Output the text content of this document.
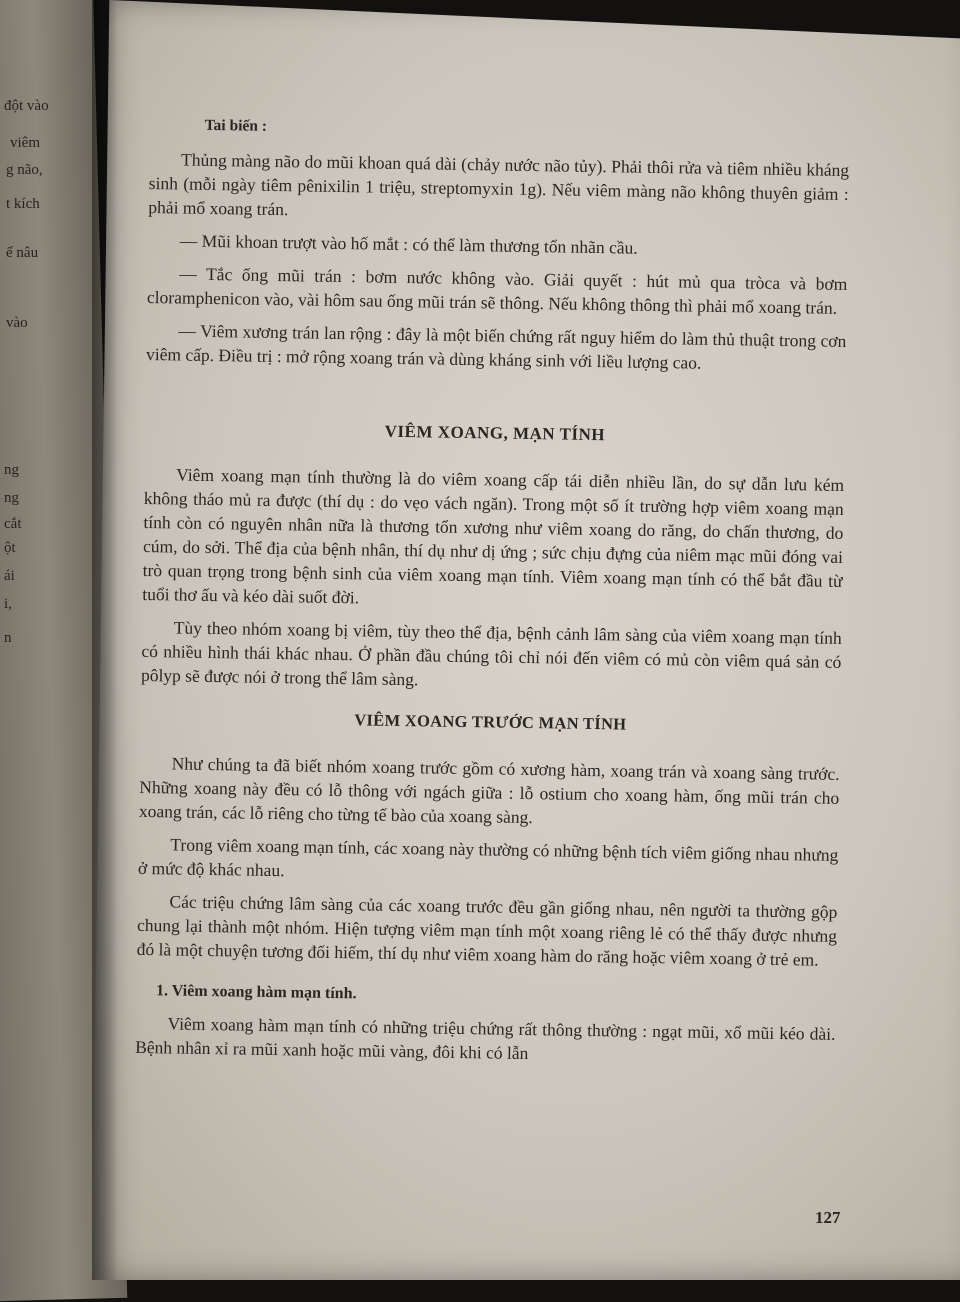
đột vào
viêm
g não,
t kích
ế nâu
vào
ng
ng
cắt
ột
ái
i,
n
Tai biến :

Thủng màng não do mũi khoan quá dài (chảy nước não tủy). Phải thôi rửa và tiêm nhiều kháng sinh (mỗi ngày tiêm pênixilin 1 triệu, streptomyxin 1g). Nếu viêm màng não không thuyên giảm : phải mổ xoang trán.

— Mũi khoan trượt vào hố mắt : có thể làm thương tổn nhãn cầu.

— Tắc ống mũi trán : bơm nước không vào. Giải quyết : hút mủ qua tròca và bơm cloramphenicon vào, vài hôm sau ống mũi trán sẽ thông. Nếu không thông thì phải mổ xoang trán.

— Viêm xương trán lan rộng : đây là một biến chứng rất nguy hiểm do làm thủ thuật trong cơn viêm cấp. Điều trị : mở rộng xoang trán và dùng kháng sinh với liều lượng cao.

VIÊM XOANG, MẠN TÍNH

Viêm xoang mạn tính thường là do viêm xoang cấp tái diễn nhiều lần, do sự dẫn lưu kém không tháo mủ ra được (thí dụ : do vẹo vách ngăn). Trong một số ít trường hợp viêm xoang mạn tính còn có nguyên nhân nữa là thương tổn xương như viêm xoang do răng, do chấn thương, do cúm, do sởi. Thể địa của bệnh nhân, thí dụ như dị ứng ; sức chịu đựng của niêm mạc mũi đóng vai trò quan trọng trong bệnh sinh của viêm xoang mạn tính. Viêm xoang mạn tính có thể bắt đầu từ tuổi thơ ấu và kéo dài suốt đời.

Tùy theo nhóm xoang bị viêm, tùy theo thể địa, bệnh cảnh lâm sàng của viêm xoang mạn tính có nhiều hình thái khác nhau. Ở phần đầu chúng tôi chỉ nói đến viêm có mủ còn viêm quá sản có pôlyp sẽ được nói ở trong thể lâm sàng.

VIÊM XOANG TRƯỚC MẠN TÍNH

Như chúng ta đã biết nhóm xoang trước gồm có xương hàm, xoang trán và xoang sàng trước. Những xoang này đều có lỗ thông với ngách giữa : lỗ ostium cho xoang hàm, ống mũi trán cho xoang trán, các lỗ riêng cho từng tế bào của xoang sàng.

Trong viêm xoang mạn tính, các xoang này thường có những bệnh tích viêm giống nhau nhưng ở mức độ khác nhau.

Các triệu chứng lâm sàng của các xoang trước đều gần giống nhau, nên người ta thường gộp chung lại thành một nhóm. Hiện tượng viêm mạn tính một xoang riêng lẻ có thể thấy được nhưng đó là một chuyện tương đối hiếm, thí dụ như viêm xoang hàm do răng hoặc viêm xoang ở trẻ em.

1. Viêm xoang hàm mạn tính.

Viêm xoang hàm mạn tính có những triệu chứng rất thông thường : ngạt mũi, xổ mũi kéo dài. Bệnh nhân xỉ ra mũi xanh hoặc mũi vàng, đôi khi có lẫn

127
